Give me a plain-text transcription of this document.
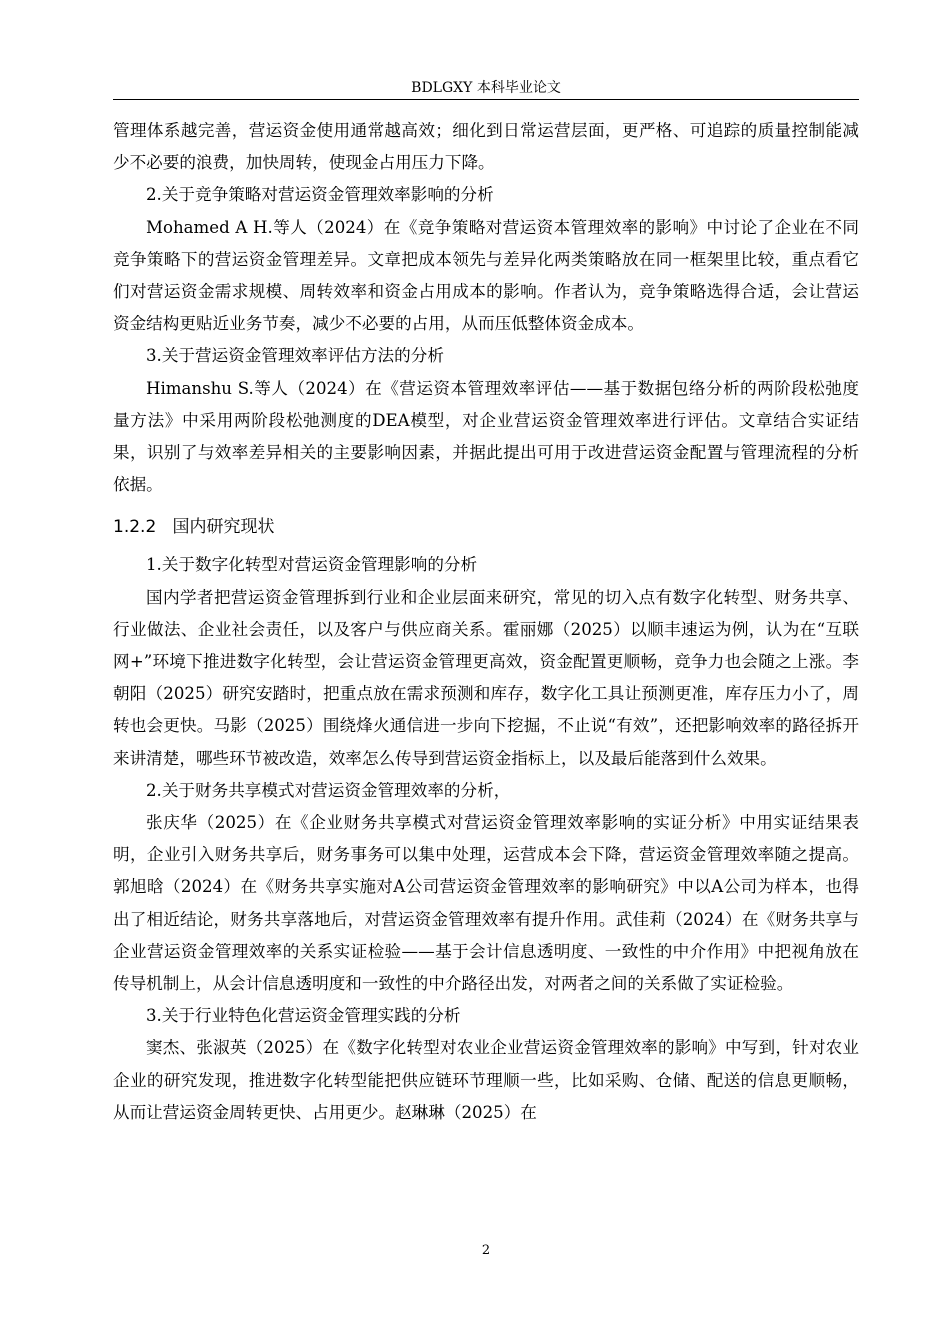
BDLGXY 本科毕业论文

管理体系越完善，营运资金使用通常越高效；细化到日常运营层面，更严格、可追踪的质量控制能减少不必要的浪费，加快周转，使现金占用压力下降。

2.关于竞争策略对营运资金管理效率影响的分析

Mohamed A H.等人（2024）在《竞争策略对营运资本管理效率的影响》中讨论了企业在不同竞争策略下的营运资金管理差异。文章把成本领先与差异化两类策略放在同一框架里比较，重点看它们对营运资金需求规模、周转效率和资金占用成本的影响。作者认为，竞争策略选得合适，会让营运资金结构更贴近业务节奏，减少不必要的占用，从而压低整体资金成本。

3.关于营运资金管理效率评估方法的分析

Himanshu S.等人（2024）在《营运资本管理效率评估——基于数据包络分析的两阶段松弛度量方法》中采用两阶段松弛测度的DEA模型，对企业营运资金管理效率进行评估。文章结合实证结果，识别了与效率差异相关的主要影响因素，并据此提出可用于改进营运资金配置与管理流程的分析依据。

1.2.2 国内研究现状

1.关于数字化转型对营运资金管理影响的分析

国内学者把营运资金管理拆到行业和企业层面来研究，常见的切入点有数字化转型、财务共享、行业做法、企业社会责任，以及客户与供应商关系。霍丽娜（2025）以顺丰速运为例，认为在“互联网+”环境下推进数字化转型，会让营运资金管理更高效，资金配置更顺畅，竞争力也会随之上涨。李朝阳（2025）研究安踏时，把重点放在需求预测和库存，数字化工具让预测更准，库存压力小了，周转也会更快。马影（2025）围绕烽火通信进一步向下挖掘，不止说“有效”，还把影响效率的路径拆开来讲清楚，哪些环节被改造，效率怎么传导到营运资金指标上，以及最后能落到什么效果。

2.关于财务共享模式对营运资金管理效率的分析，

张庆华（2025）在《企业财务共享模式对营运资金管理效率影响的实证分析》中用实证结果表明，企业引入财务共享后，财务事务可以集中处理，运营成本会下降，营运资金管理效率随之提高。郭旭晗（2024）在《财务共享实施对A公司营运资金管理效率的影响研究》中以A公司为样本，也得出了相近结论，财务共享落地后，对营运资金管理效率有提升作用。武佳莉（2024）在《财务共享与企业营运资金管理效率的关系实证检验——基于会计信息透明度、一致性的中介作用》中把视角放在传导机制上，从会计信息透明度和一致性的中介路径出发，对两者之间的关系做了实证检验。

3.关于行业特色化营运资金管理实践的分析

窦杰、张淑英（2025）在《数字化转型对农业企业营运资金管理效率的影响》中写到，针对农业企业的研究发现，推进数字化转型能把供应链环节理顺一些，比如采购、仓储、配送的信息更顺畅，从而让营运资金周转更快、占用更少。赵琳琳（2025）在

2
